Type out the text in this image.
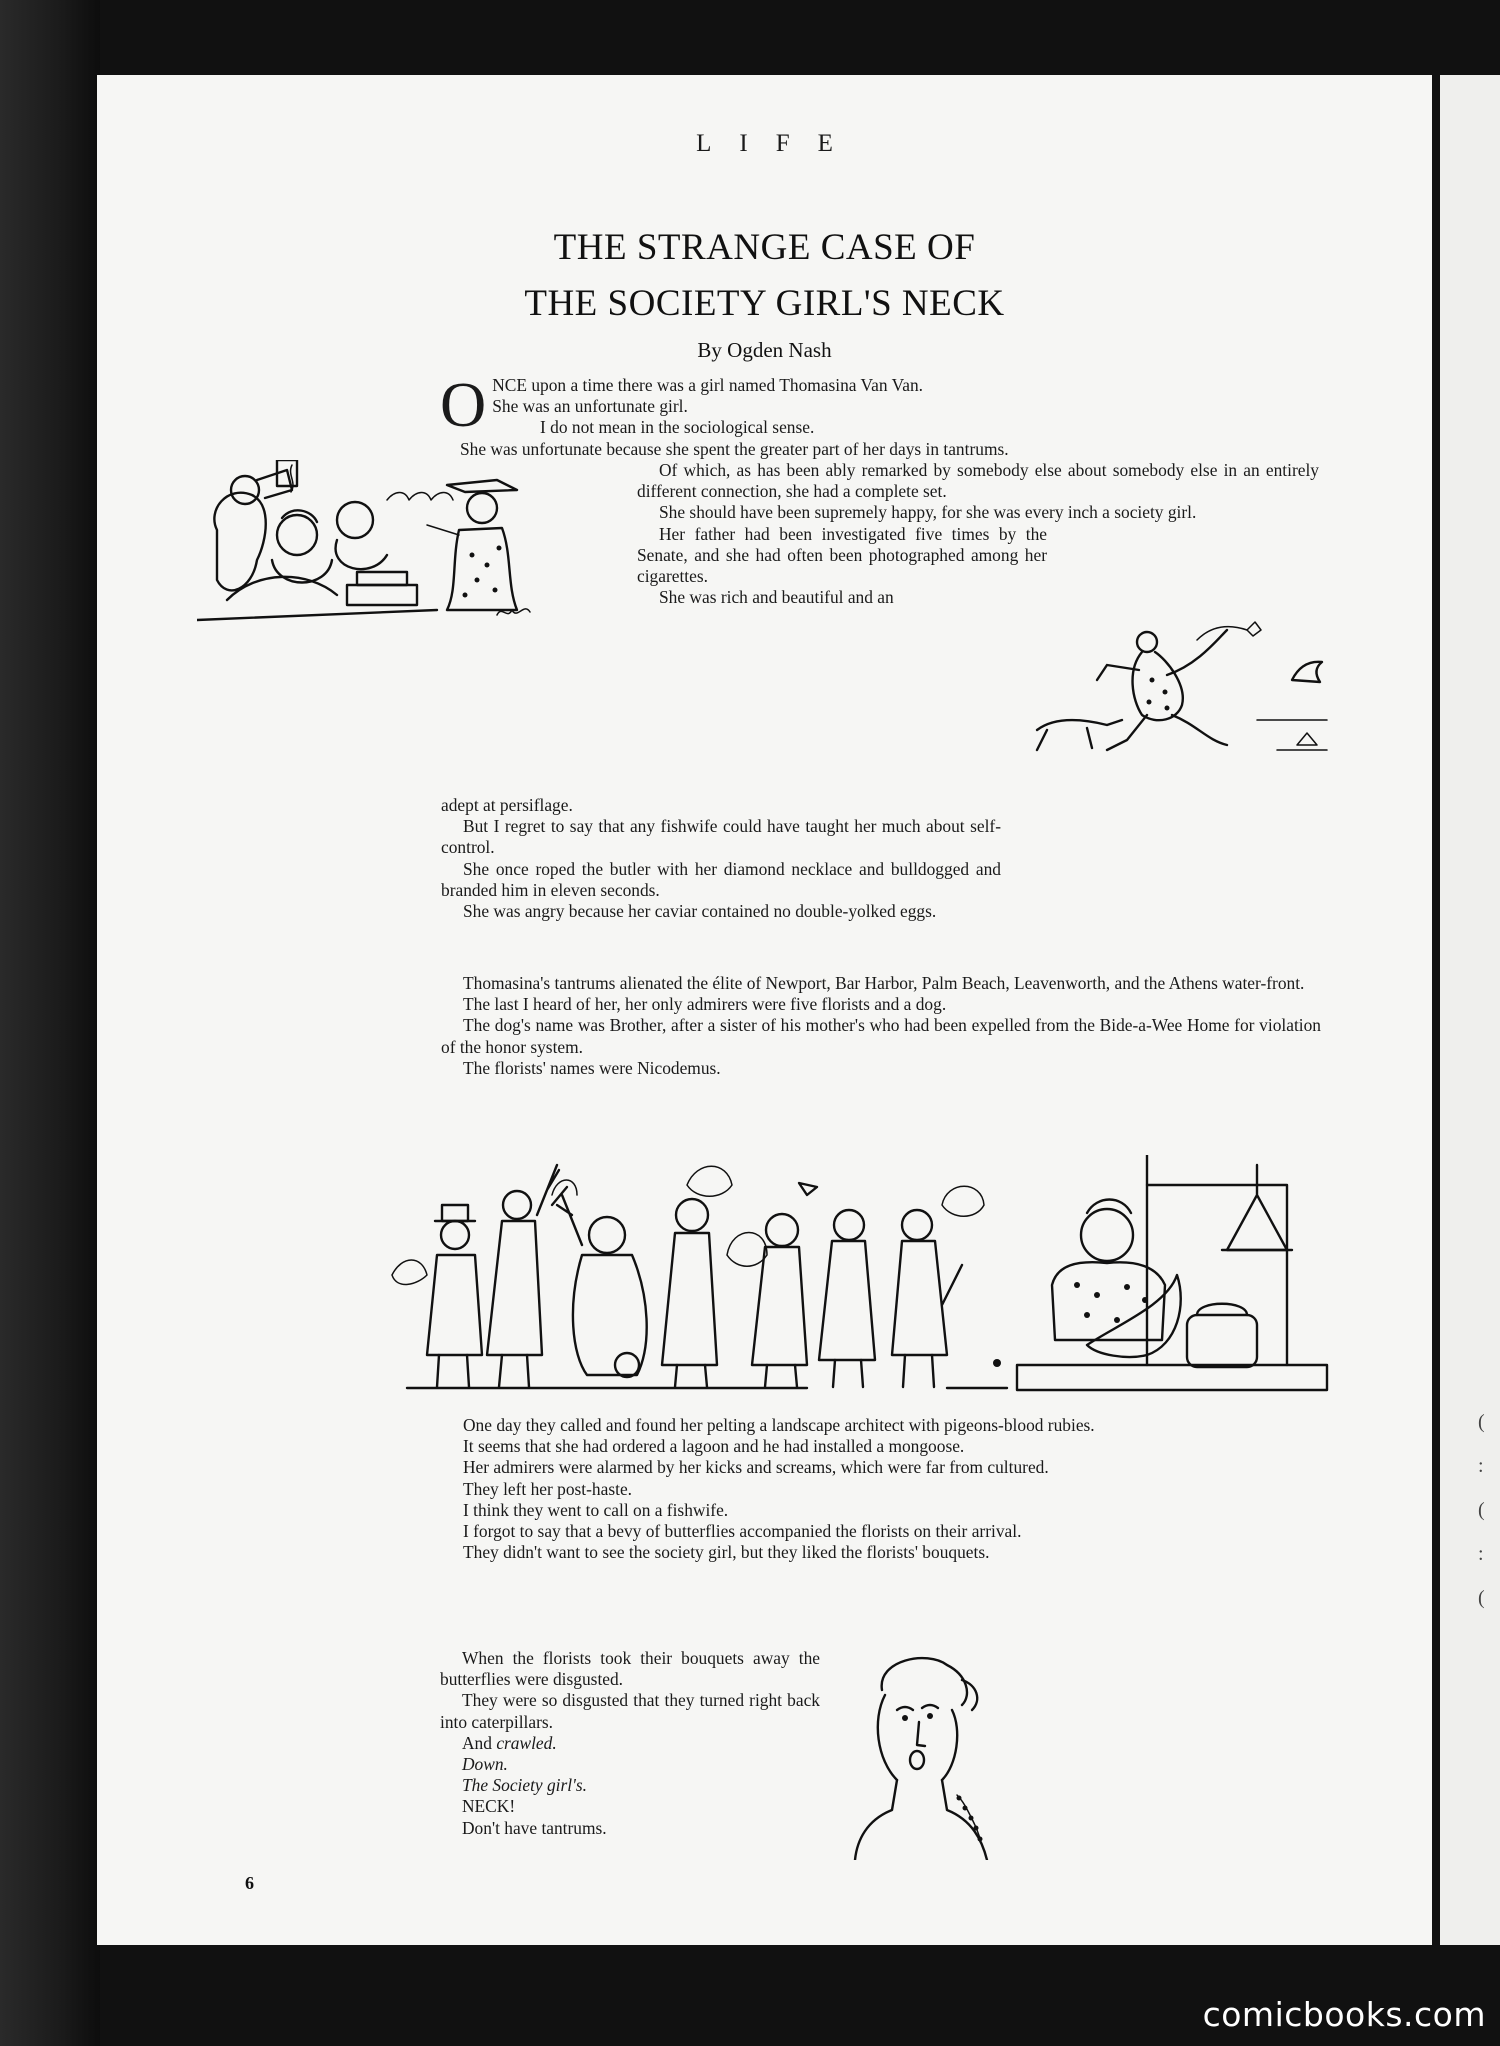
LIFE
THE STRANGE CASE OF
THE SOCIETY GIRL'S NECK
By Ogden Nash
O NCE upon a time there was a girl named Thomasina Van Van.

She was an unfortunate girl.

I do not mean in the sociological sense.

She was unfortunate because she spent the greater part of her days in tantrums.

Of which, as has been ably remarked by somebody else about somebody else in an entirely different connection, she had a complete set.

She should have been supremely happy, for she was every inch a society girl.

Her father had been investigated five times by the Senate, and she had often been photographed among her cigarettes.

She was rich and beautiful and an

adept at persiflage.

But I regret to say that any fishwife could have taught her much about self-control.

She once roped the butler with her diamond necklace and bulldogged and branded him in eleven seconds.

She was angry because her caviar contained no double-yolked eggs.

Thomasina's tantrums alienated the élite of Newport, Bar Harbor, Palm Beach, Leavenworth, and the Athens water-front.

The last I heard of her, her only admirers were five florists and a dog.

The dog's name was Brother, after a sister of his mother's who had been expelled from the Bide-a-Wee Home for violation of the honor system.

The florists' names were Nicodemus.

One day they called and found her pelting a landscape architect with pigeons-blood rubies.

It seems that she had ordered a lagoon and he had installed a mongoose.

Her admirers were alarmed by her kicks and screams, which were far from cultured.

They left her post-haste.

I think they went to call on a fishwife.

I forgot to say that a bevy of butterflies accompanied the florists on their arrival.

They didn't want to see the society girl, but they liked the florists' bouquets.

When the florists took their bouquets away the butterflies were disgusted.

They were so disgusted that they turned right back into caterpillars.

And crawled.

Down.

The Society girl's.

NECK!

Don't have tantrums.

6
(
:
(
:
(
comicbooks.com
